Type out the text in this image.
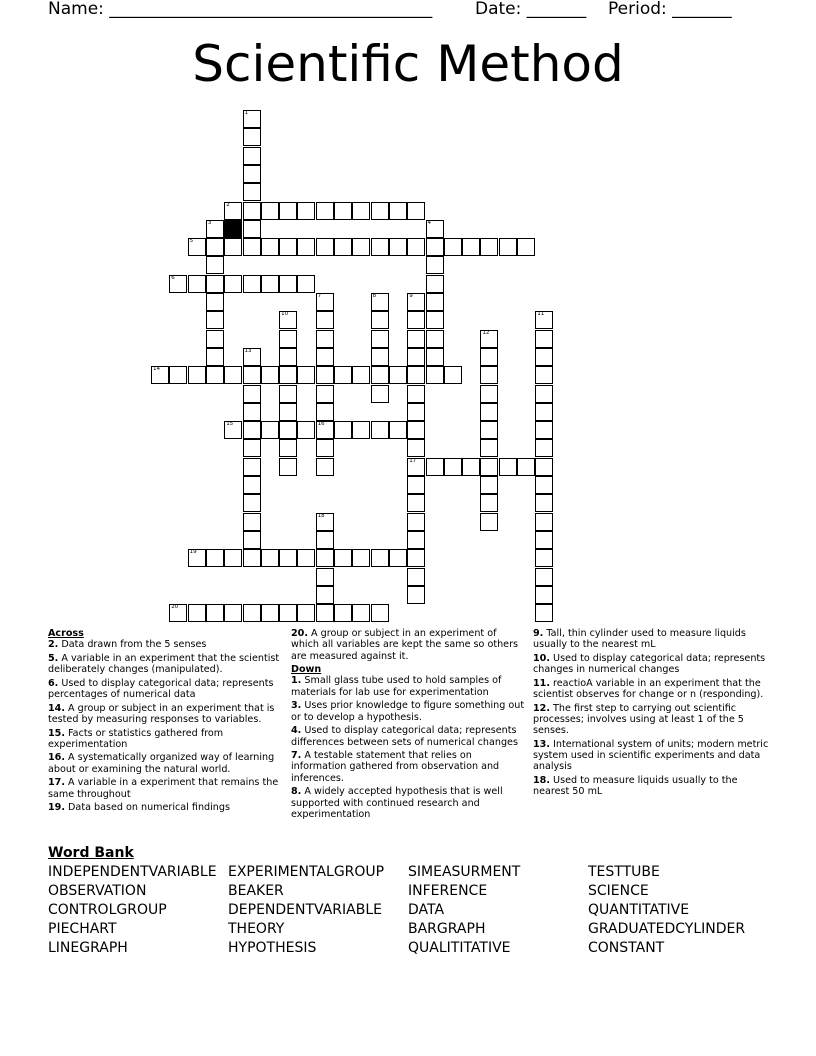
Name: ______________________________________	Date: _______ Period: _______
Scientific Method
1
2
3	4
5
6
7
16
8	9
17
10	11
12
13
14
15
18
19
20
Across
2. Data drawn from the 5 senses
5. A variable in an experiment that the scientist deliberately changes (manipulated).
6. Used to display categorical data; represents percentages of numerical data
14. A group or subject in an experiment that is tested by measuring responses to variables.
15. Facts or statistics gathered from experimentation
16. A systematically organized way of learning about or examining the natural world.
17. A variable in a experiment that remains the same throughout
19. Data based on numerical findings
20. A group or subject in an experiment of which all variables are kept the same so others are measured against it.
Down
1. Small glass tube used to hold samples of materials for lab use for experimentation
3. Uses prior knowledge to figure something out or to develop a hypothesis.
4. Used to display categorical data; represents differences between sets of numerical changes
7. A testable statement that relies on information gathered from observation and inferences.
8. A widely accepted hypothesis that is well supported with continued research and experimentation
9. Tall, thin cylinder used to measure liquids usually to the nearest mL
10. Used to display categorical data; represents changes in numerical changes
11. reactioA variable in an experiment that the scientist observes for change or n (responding).
12. The first step to carrying out scientific processes; involves using at least 1 of the 5 senses.
13. International system of units; modern metric system used in scientific experiments and data analysis
18. Used to measure liquids usually to the nearest 50 mL
Word Bank
INDEPENDENTVARIABLE EXPERIMENTALGROUP SIMEASURMENT	TESTTUBE
OBSERVATION	BEAKER	INFERENCE	SCIENCE
CONTROLGROUP	DEPENDENTVARIABLE DATA	QUANTITATIVE
PIECHART	THEORY	BARGRAPH	GRADUATEDCYLINDER
LINEGRAPH	HYPOTHESIS	QUALITITATIVE	CONSTANT
